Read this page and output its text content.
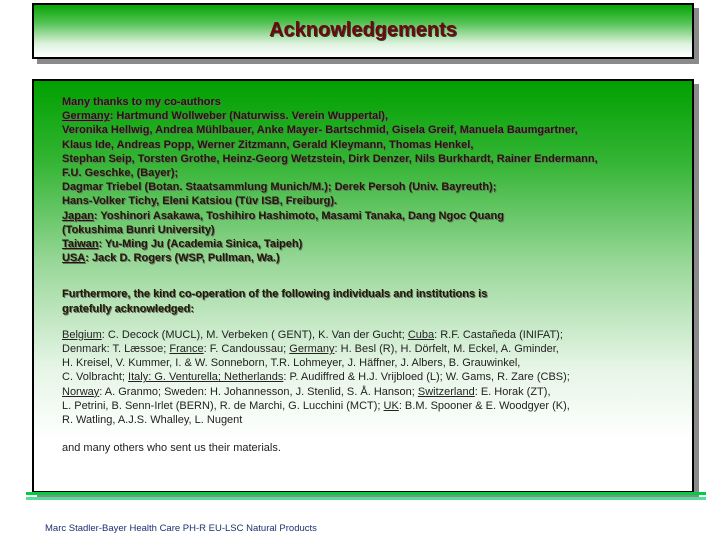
Acknowledgements
Many thanks to my co-authors
Germany: Hartmund Wollweber (Naturwiss. Verein Wuppertal),
Veronika Hellwig, Andrea Mühlbauer, Anke Mayer- Bartschmid, Gisela Greif, Manuela Baumgartner,
Klaus Ide, Andreas Popp, Werner Zitzmann, Gerald Kleymann, Thomas Henkel,
Stephan Seip, Torsten Grothe, Heinz-Georg Wetzstein, Dirk Denzer, Nils Burkhardt, Rainer Endermann,
F.U. Geschke, (Bayer);
Dagmar Triebel (Botan. Staatsammlung Munich/M.); Derek Persoh (Univ. Bayreuth);
Hans-Volker Tichy, Eleni Katsiou (Tüv ISB, Freiburg).
Japan: Yoshinori Asakawa, Toshihiro Hashimoto, Masami Tanaka, Dang Ngoc Quang
(Tokushima Bunri University)
Taiwan: Yu-Ming Ju (Academia Sinica, Taipeh)
USA: Jack D. Rogers (WSP, Pullman, Wa.)
Furthermore, the kind co-operation of the following individuals and institutions is
gratefully acknowledged:
Belgium: C. Decock (MUCL), M. Verbeken ( GENT), K. Van der Gucht; Cuba: R.F. Castañeda (INIFAT);
Denmark: T. Læssoe; France: F. Candoussau; Germany: H. Besl (R), H. Dörfelt, M. Eckel, A. Gminder,
H. Kreisel, V. Kummer, I. & W. Sonneborn, T.R. Lohmeyer, J. Häffner, J. Albers, B. Grauwinkel,
C. Volbracht; Italy: G. Venturella; Netherlands: P. Audiffred & H.J. Vrijbloed (L); W. Gams, R. Zare (CBS);
Norway: A. Granmo; Sweden: H. Johannesson, J. Stenlid, S. Å. Hanson; Switzerland: E. Horak (ZT),
L. Petrini, B. Senn-Irlet (BERN), R. de Marchi, G. Lucchini (MCT); UK: B.M. Spooner & E. Woodgyer (K),
R. Watling, A.J.S. Whalley, L. Nugent
and many others who sent us their materials.
Marc Stadler-Bayer Health Care PH-R EU-LSC Natural Products
